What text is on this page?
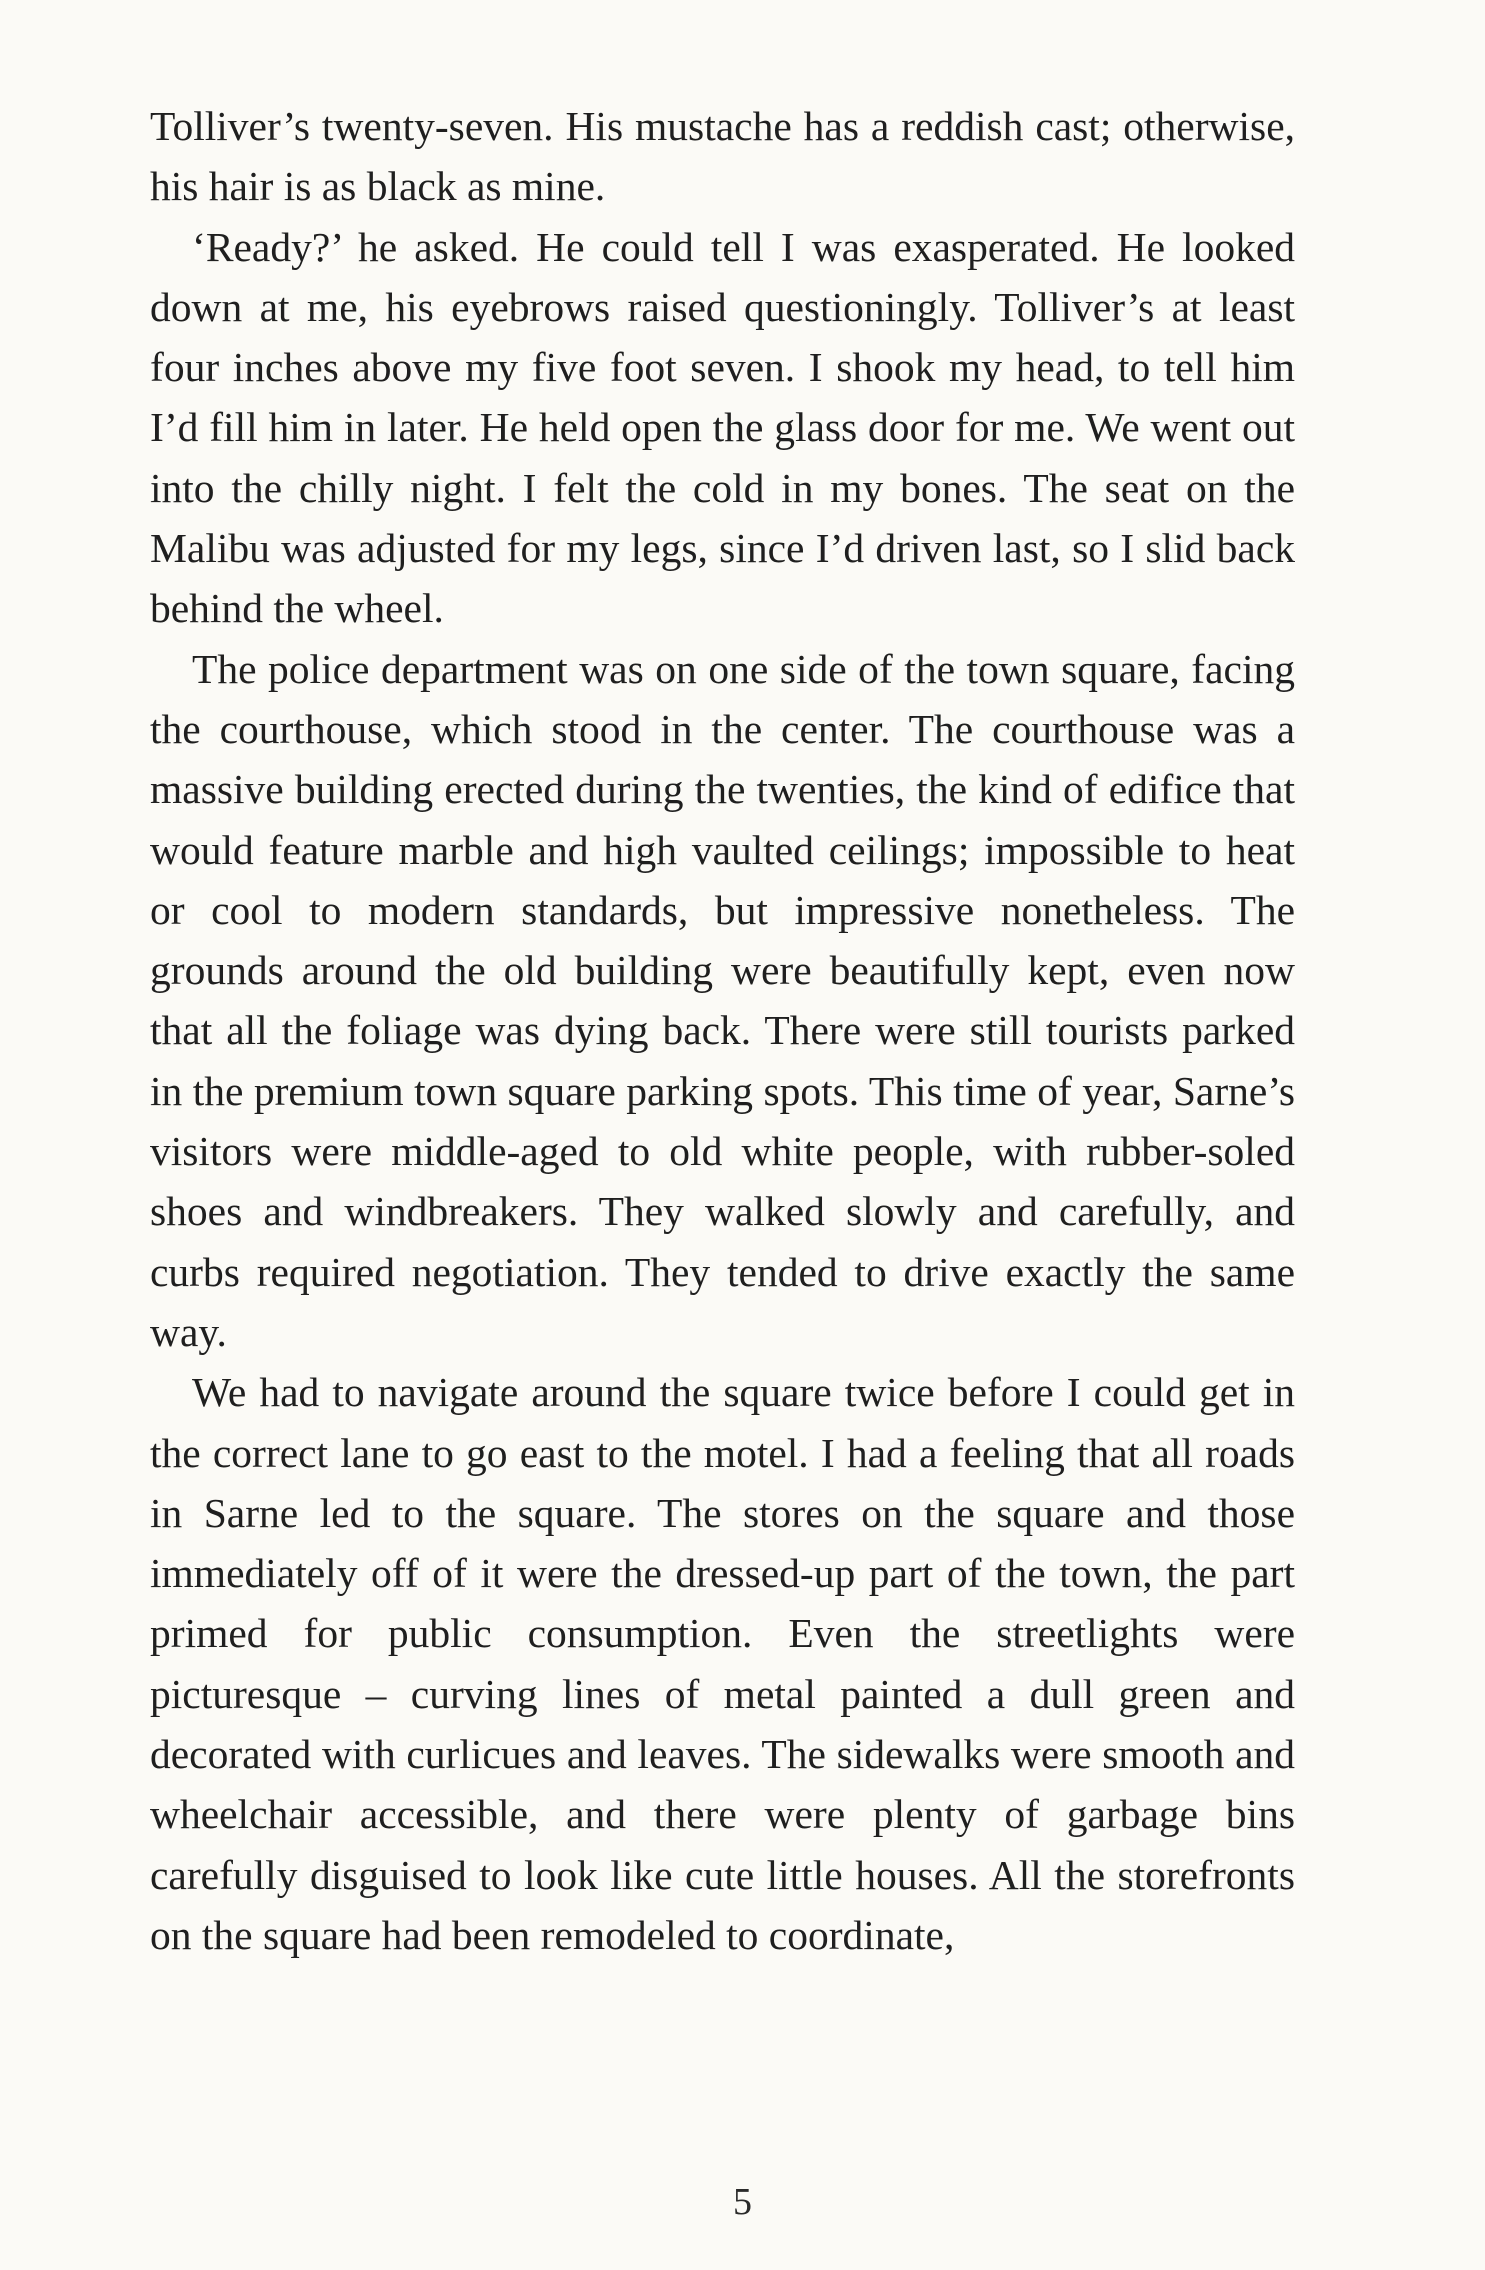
Tolliver’s twenty-seven. His mustache has a reddish cast; otherwise, his hair is as black as mine.

‘Ready?’ he asked. He could tell I was exasperated. He looked down at me, his eyebrows raised questioningly. Tolliver’s at least four inches above my five foot seven. I shook my head, to tell him I’d fill him in later. He held open the glass door for me. We went out into the chilly night. I felt the cold in my bones. The seat on the Malibu was adjusted for my legs, since I’d driven last, so I slid back behind the wheel.

The police department was on one side of the town square, facing the courthouse, which stood in the center. The courthouse was a massive building erected during the twenties, the kind of edifice that would feature marble and high vaulted ceilings; impossible to heat or cool to modern standards, but impressive nonetheless. The grounds around the old building were beautifully kept, even now that all the foliage was dying back. There were still tourists parked in the premium town square parking spots. This time of year, Sarne’s visitors were middle-aged to old white people, with rubber-soled shoes and windbreakers. They walked slowly and carefully, and curbs required negotiation. They tended to drive exactly the same way.

We had to navigate around the square twice before I could get in the correct lane to go east to the motel. I had a feeling that all roads in Sarne led to the square. The stores on the square and those immediately off of it were the dressed-up part of the town, the part primed for public consumption. Even the streetlights were picturesque – curving lines of metal painted a dull green and decorated with curlicues and leaves. The sidewalks were smooth and wheelchair accessible, and there were plenty of garbage bins carefully disguised to look like cute little houses. All the storefronts on the square had been remodeled to coordinate,

5
